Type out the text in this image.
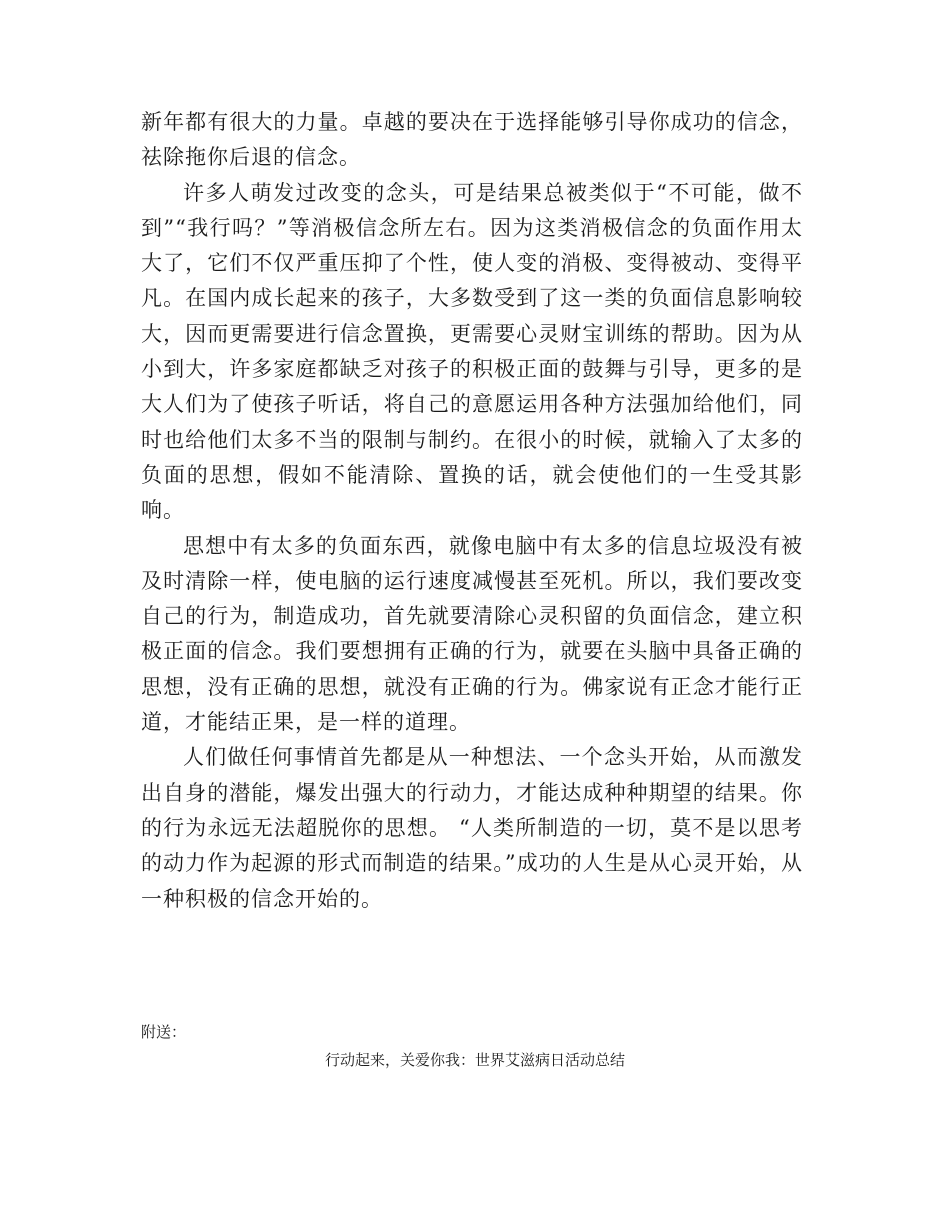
新年都有很大的力量。卓越的要决在于选择能够引导你成功的信念，祛除拖你后退的信念。

许多人萌发过改变的念头，可是结果总被类似于“不可能，做不到”“我行吗？”等消极信念所左右。因为这类消极信念的负面作用太大了，它们不仅严重压抑了个性，使人变的消极、变得被动、变得平凡。在国内成长起来的孩子，大多数受到了这一类的负面信息影响较大，因而更需要进行信念置换，更需要心灵财宝训练的帮助。因为从小到大，许多家庭都缺乏对孩子的积极正面的鼓舞与引导，更多的是大人们为了使孩子听话，将自己的意愿运用各种方法强加给他们，同时也给他们太多不当的限制与制约。在很小的时候，就输入了太多的负面的思想，假如不能清除、置换的话，就会使他们的一生受其影响。

思想中有太多的负面东西，就像电脑中有太多的信息垃圾没有被及时清除一样，使电脑的运行速度减慢甚至死机。所以，我们要改变自己的行为，制造成功，首先就要清除心灵积留的负面信念，建立积极正面的信念。我们要想拥有正确的行为，就要在头脑中具备正确的思想，没有正确的思想，就没有正确的行为。佛家说有正念才能行正道，才能结正果，是一样的道理。

人们做任何事情首先都是从一种想法、一个念头开始，从而激发出自身的潜能，爆发出强大的行动力，才能达成种种期望的结果。你的行为永远无法超脱你的思想。 “人类所制造的一切，莫不是以思考的动力作为起源的形式而制造的结果。”成功的人生是从心灵开始，从一种积极的信念开始的。

附送：
行动起来，关爱你我：世界艾滋病日活动总结
